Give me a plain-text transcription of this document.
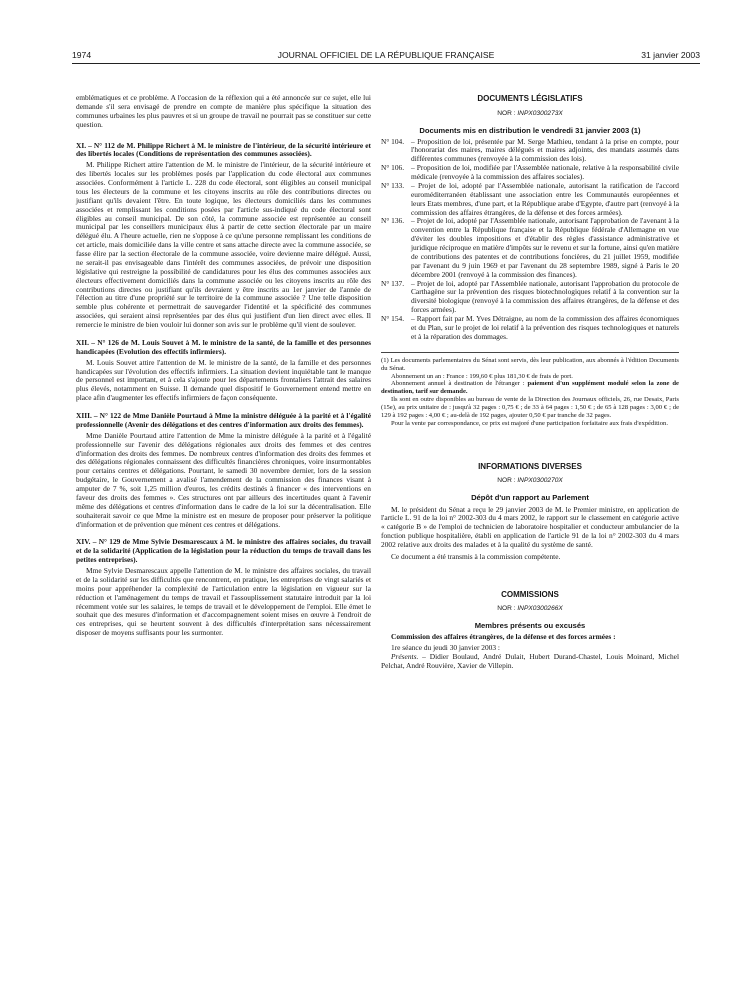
1974	JOURNAL OFFICIEL DE LA RÉPUBLIQUE FRANÇAISE	31 janvier 2003

emblématiques et ce problème. A l'occasion de la réflexion qui a été annoncée sur ce sujet, elle lui demande s'il sera envisagé de prendre en compte de manière plus spécifique la situation des communes urbaines les plus pauvres et si un groupe de travail ne pourrait pas se constituer sur cette question.

XI. – N° 112 de M. Philippe Richert à M. le ministre de l'intérieur, de la sécurité intérieure et des libertés locales (Conditions de représentation des communes associées).

M. Philippe Richert attire l'attention de M. le ministre de l'intérieur, de la sécurité intérieure et des libertés locales sur les problèmes posés par l'application du code électoral aux communes associées. Conformément à l'article L. 228 du code électoral, sont éligibles au conseil municipal tous les électeurs de la commune et les citoyens inscrits au rôle des contributions directes ou justifiant qu'ils devaient l'être. En toute logique, les électeurs domiciliés dans les communes associées et remplissant les conditions posées par l'article sus-indiqué du code électoral sont éligibles au conseil municipal. De son côté, la commune associée est représentée au conseil municipal par les conseillers municipaux élus à partir de cette section électorale par un maire délégué élu. A l'heure actuelle, rien ne s'oppose à ce qu'une personne remplissant les conditions de cet article, mais domiciliée dans la ville centre et sans attache directe avec la commune associée, se fasse élire par la section électorale de la commune associée, voire devienne maire délégué. Aussi, ne serait-il pas envisageable dans l'intérêt des communes associées, de prévoir une disposition législative qui restreigne la possibilité de candidatures pour les élus des communes associées aux électeurs effectivement domiciliés dans la commune associée ou les citoyens inscrits au rôle des contributions directes ou justifiant qu'ils devraient y être inscrits au 1er janvier de l'année de l'élection au titre d'une propriété sur le territoire de la commune associée ? Une telle disposition semble plus cohérente et permettrait de sauvegarder l'identité et la spécificité des communes associées, qui seraient ainsi représentées par des élus qui justifient d'un lien direct avec elles. Il remercie le ministre de bien vouloir lui donner son avis sur le problème qu'il vient de soulever.

XII. – N° 126 de M. Louis Souvet à M. le ministre de la santé, de la famille et des personnes handicapées (Evolution des effectifs infirmiers).

M. Louis Souvet attire l'attention de M. le ministre de la santé, de la famille et des personnes handicapées sur l'évolution des effectifs infirmiers. La situation devient inquiétable tant le manque de personnel est important, et à cela s'ajoute pour les départements frontaliers l'attrait des salaires plus élevés, notamment en Suisse. Il demande quel dispositif le Gouvernement entend mettre en place afin d'augmenter les effectifs infirmiers de façon conséquente.

XIII. – N° 122 de Mme Danièle Pourtaud à Mme la ministre déléguée à la parité et à l'égalité professionnelle (Avenir des délégations et des centres d'information aux droits des femmes).

Mme Danièle Pourtaud attire l'attention de Mme la ministre déléguée à la parité et à l'égalité professionnelle sur l'avenir des délégations régionales aux droits des femmes et des centres d'information des droits des femmes. De nombreux centres d'information des droits des femmes et des délégations régionales connaissent des difficultés financières chroniques, voire insurmontables pour certains centres et délégations. Pourtant, le samedi 30 novembre dernier, lors de la session budgétaire, le Gouvernement a avalisé l'amendement de la commission des finances visant à amputer de 7 %, soit 1,25 million d'euros, les crédits destinés à financer « des interventions en faveur des droits des femmes ». Ces structures ont par ailleurs des incertitudes quant à l'avenir même des délégations et centres d'information dans le cadre de la loi sur la décentralisation. Elle souhaiterait savoir ce que Mme la ministre est en mesure de proposer pour préserver la politique d'information et de prévention que mènent ces centres et délégations.

XIV. – N° 129 de Mme Sylvie Desmarescaux à M. le ministre des affaires sociales, du travail et de la solidarité (Application de la législation pour la réduction du temps de travail dans les petites entreprises).

Mme Sylvie Desmarescaux appelle l'attention de M. le ministre des affaires sociales, du travail et de la solidarité sur les difficultés que rencontrent, en pratique, les entreprises de vingt salariés et moins pour appréhender la complexité de l'articulation entre la législation en vigueur sur la réduction et l'aménagement du temps de travail et l'assouplissement statutaire introduit par la loi récemment votée sur les salaires, le temps de travail et le développement de l'emploi. Elle émet le souhait que des mesures d'information et d'accompagnement soient mises en œuvre à l'endroit de ces entreprises, qui se heurtent souvent à des difficultés d'interprétation sans nécessairement disposer de moyens suffisants pour les surmonter.

DOCUMENTS LÉGISLATIFS

NOR : INPX0300273X

Documents mis en distribution le vendredi 31 janvier 2003 (1)

N° 104. – Proposition de loi, présentée par M. Serge Mathieu, tendant à la prise en compte, pour l'honorariat des maires, maires délégués et maires adjoints, des mandats assumés dans différentes communes (renvoyée à la commission des lois).
N° 106. – Proposition de loi, modifiée par l'Assemblée nationale, relative à la responsabilité civile médicale (renvoyée à la commission des affaires sociales).
N° 133. – Projet de loi, adopté par l'Assemblée nationale, autorisant la ratification de l'accord euroméditerranéen établissant une association entre les Communautés européennes et leurs Etats membres, d'une part, et la République arabe d'Egypte, d'autre part (renvoyé à la commission des affaires étrangères, de la défense et des forces armées).
N° 136. – Projet de loi, adopté par l'Assemblée nationale, autorisant l'approbation de l'avenant à la convention entre la République française et la République fédérale d'Allemagne en vue d'éviter les doubles impositions et d'établir des règles d'assistance administrative et juridique réciproque en matière d'impôts sur le revenu et sur la fortune, ainsi qu'en matière de contributions des patentes et de contributions foncières, du 21 juillet 1959, modifiée par l'avenant du 9 juin 1969 et par l'avenant du 28 septembre 1989, signé à Paris le 20 décembre 2001 (renvoyé à la commission des finances).
N° 137. – Projet de loi, adopté par l'Assemblée nationale, autorisant l'approbation du protocole de Carthagène sur la prévention des risques biotechnologiques relatif à la convention sur la diversité biologique (renvoyé à la commission des affaires étrangères, de la défense et des forces armées).
N° 154. – Rapport fait par M. Yves Détraigne, au nom de la commission des affaires économiques et du Plan, sur le projet de loi relatif à la prévention des risques technologiques et naturels et à la réparation des dommages.

(1) Les documents parlementaires du Sénat sont servis, dès leur publication, aux abonnés à l'édition Documents du Sénat.

Abonnement un an : France : 199,60 € plus 181,30 € de frais de port.

Abonnement annuel à destination de l'étranger : paiement d'un supplément modulé selon la zone de destination, tarif sur demande.

Ils sont en outre disponibles au bureau de vente de la Direction des Journaux officiels, 26, rue Desaix, Paris (15e), au prix unitaire de : jusqu'à 32 pages : 0,75 € ; de 33 à 64 pages : 1,50 € ; de 65 à 128 pages : 3,00 € ; de 129 à 192 pages : 4,00 € ; au-delà de 192 pages, ajouter 0,50 € par tranche de 32 pages.

Pour la vente par correspondance, ce prix est majoré d'une participation forfaitaire aux frais d'expédition.

INFORMATIONS DIVERSES

NOR : INPX0300270X

Dépôt d'un rapport au Parlement

M. le président du Sénat a reçu le 29 janvier 2003 de M. le Premier ministre, en application de l'article L. 91 de la loi n° 2002-303 du 4 mars 2002, le rapport sur le classement en catégorie active « catégorie B » de l'emploi de technicien de laboratoire hospitalier et conducteur ambulancier de la fonction publique hospitalière, établi en application de l'article 91 de la loi n° 2002-303 du 4 mars 2002 relative aux droits des malades et à la qualité du système de santé.

Ce document a été transmis à la commission compétente.

COMMISSIONS

NOR : INPX0300266X

Membres présents ou excusés

Commission des affaires étrangères, de la défense et des forces armées :

1re séance du jeudi 30 janvier 2003 :

Présents. – Didier Boulaud, André Dulait, Hubert Durand-Chastel, Louis Moinard, Michel Pelchat, André Rouvière, Xavier de Villepin.
